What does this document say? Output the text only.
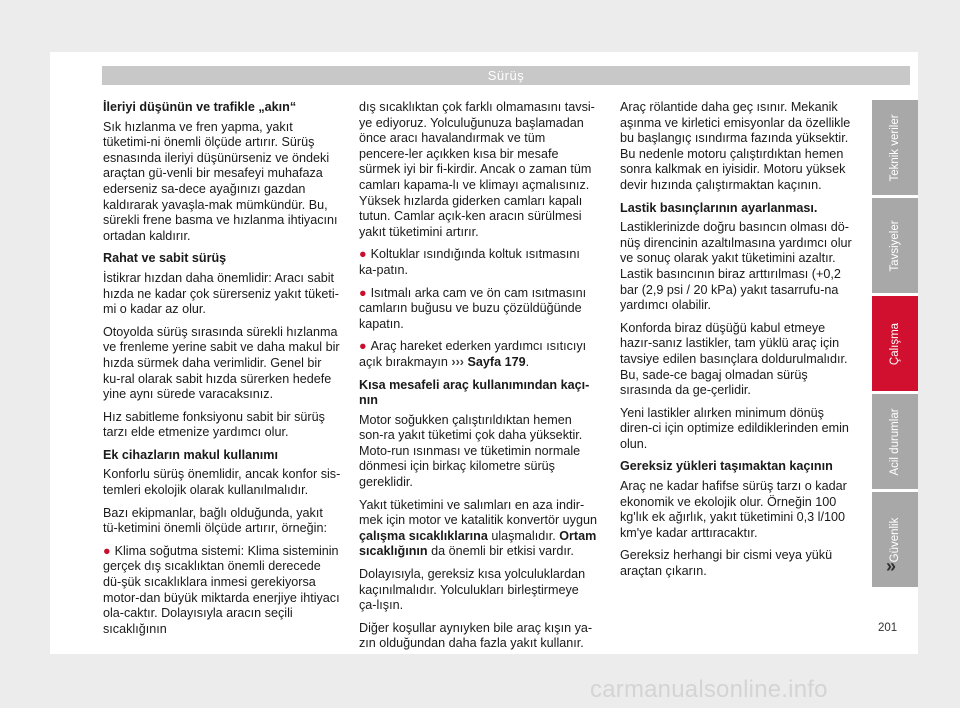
Sürüş
İleriyi düşünün ve trafikle „akın“

Sık hızlanma ve fren yapma, yakıt tüketimi-ni önemli ölçüde artırır. Sürüş esnasında ileriyi düşünürseniz ve öndeki araçtan gü-venli bir mesafeyi muhafaza ederseniz sa-dece ayağınızı gazdan kaldırarak yavaşla-mak mümkündür. Bu, sürekli frene basma ve hızlanma ihtiyacını ortadan kaldırır.

Rahat ve sabit sürüş

İstikrar hızdan daha önemlidir: Aracı sabit hızda ne kadar çok sürerseniz yakıt tüketi-mi o kadar az olur.

Otoyolda sürüş sırasında sürekli hızlanma ve frenleme yerine sabit ve daha makul bir hızda sürmek daha verimlidir. Genel bir ku-ral olarak sabit hızda sürerken hedefe yine aynı sürede varacaksınız.

Hız sabitleme fonksiyonu sabit bir sürüş tarzı elde etmenize yardımcı olur.

Ek cihazların makul kullanımı

Konforlu sürüş önemlidir, ancak konfor sis-temleri ekolojik olarak kullanılmalıdır.

Bazı ekipmanlar, bağlı olduğunda, yakıt tü-ketimini önemli ölçüde artırır, örneğin:

● Klima soğutma sistemi: Klima sisteminin gerçek dış sıcaklıktan önemli derecede dü-şük sıcaklıklara inmesi gerekiyorsa motor-dan büyük miktarda enerjiye ihtiyacı ola-caktır. Dolayısıyla aracın seçili sıcaklığının

dış sıcaklıktan çok farklı olmamasını tavsi-ye ediyoruz. Yolculuğunuza başlamadan önce aracı havalandırmak ve tüm pencere-ler açıkken kısa bir mesafe sürmek iyi bir fi-kirdir. Ancak o zaman tüm camları kapama-lı ve klimayı açmalısınız. Yüksek hızlarda giderken camları kapalı tutun. Camlar açık-ken aracın sürülmesi yakıt tüketimini artırır.

● Koltuklar ısındığında koltuk ısıtmasını ka-patın.

● Isıtmalı arka cam ve ön cam ısıtmasını camların buğusu ve buzu çözüldüğünde kapatın.

● Araç hareket ederken yardımcı ısıtıcıyı açık bırakmayın ››› Sayfa 179.

Kısa mesafeli araç kullanımından kaçı-nın

Motor soğukken çalıştırıldıktan hemen son-ra yakıt tüketimi çok daha yüksektir. Moto-run ısınması ve tüketimin normale dönmesi için birkaç kilometre sürüş gereklidir.

Yakıt tüketimini ve salımları en aza indir-mek için motor ve katalitik konvertör uygun çalışma sıcaklıklarına ulaşmalıdır. Ortam sıcaklığının da önemli bir etkisi vardır.

Dolayısıyla, gereksiz kısa yolculuklardan kaçınılmalıdır. Yolculukları birleştirmeye ça-lışın.

Diğer koşullar aynıyken bile araç kışın ya-zın olduğundan daha fazla yakıt kullanır.

Araç rölantide daha geç ısınır. Mekanik aşınma ve kirletici emisyonlar da özellikle bu başlangıç ısındırma fazında yüksektir. Bu nedenle motoru çalıştırdıktan hemen sonra kalkmak en iyisidir. Motoru yüksek devir hızında çalıştırmaktan kaçının.

Lastik basınçlarının ayarlanması.

Lastiklerinizde doğru basıncın olması dö-nüş direncinin azaltılmasına yardımcı olur ve sonuç olarak yakıt tüketimini azaltır. Lastik basıncının biraz arttırılması (+0,2 bar (2,9 psi / 20 kPa) yakıt tasarrufu-na yardımcı olabilir.

Konforda biraz düşüğü kabul etmeye hazır-sanız lastikler, tam yüklü araç için tavsiye edilen basınçlara doldurulmalıdır. Bu, sade-ce bagaj olmadan sürüş sırasında da ge-çerlidir.

Yeni lastikler alırken minimum dönüş diren-ci için optimize edildiklerinden emin olun.

Gereksiz yükleri taşımaktan kaçının

Araç ne kadar hafifse sürüş tarzı o kadar ekonomik ve ekolojik olur. Örneğin 100 kg'lık ek ağırlık, yakıt tüketimini 0,3 l/100 km'ye kadar arttıracaktır.

Gereksiz herhangi bir cismi veya yükü araçtan çıkarın.

Teknik veriler
Tavsiyeler
Çalışma
Acil durumlar
Güvenlik
»
201
carmanualsonline.info
